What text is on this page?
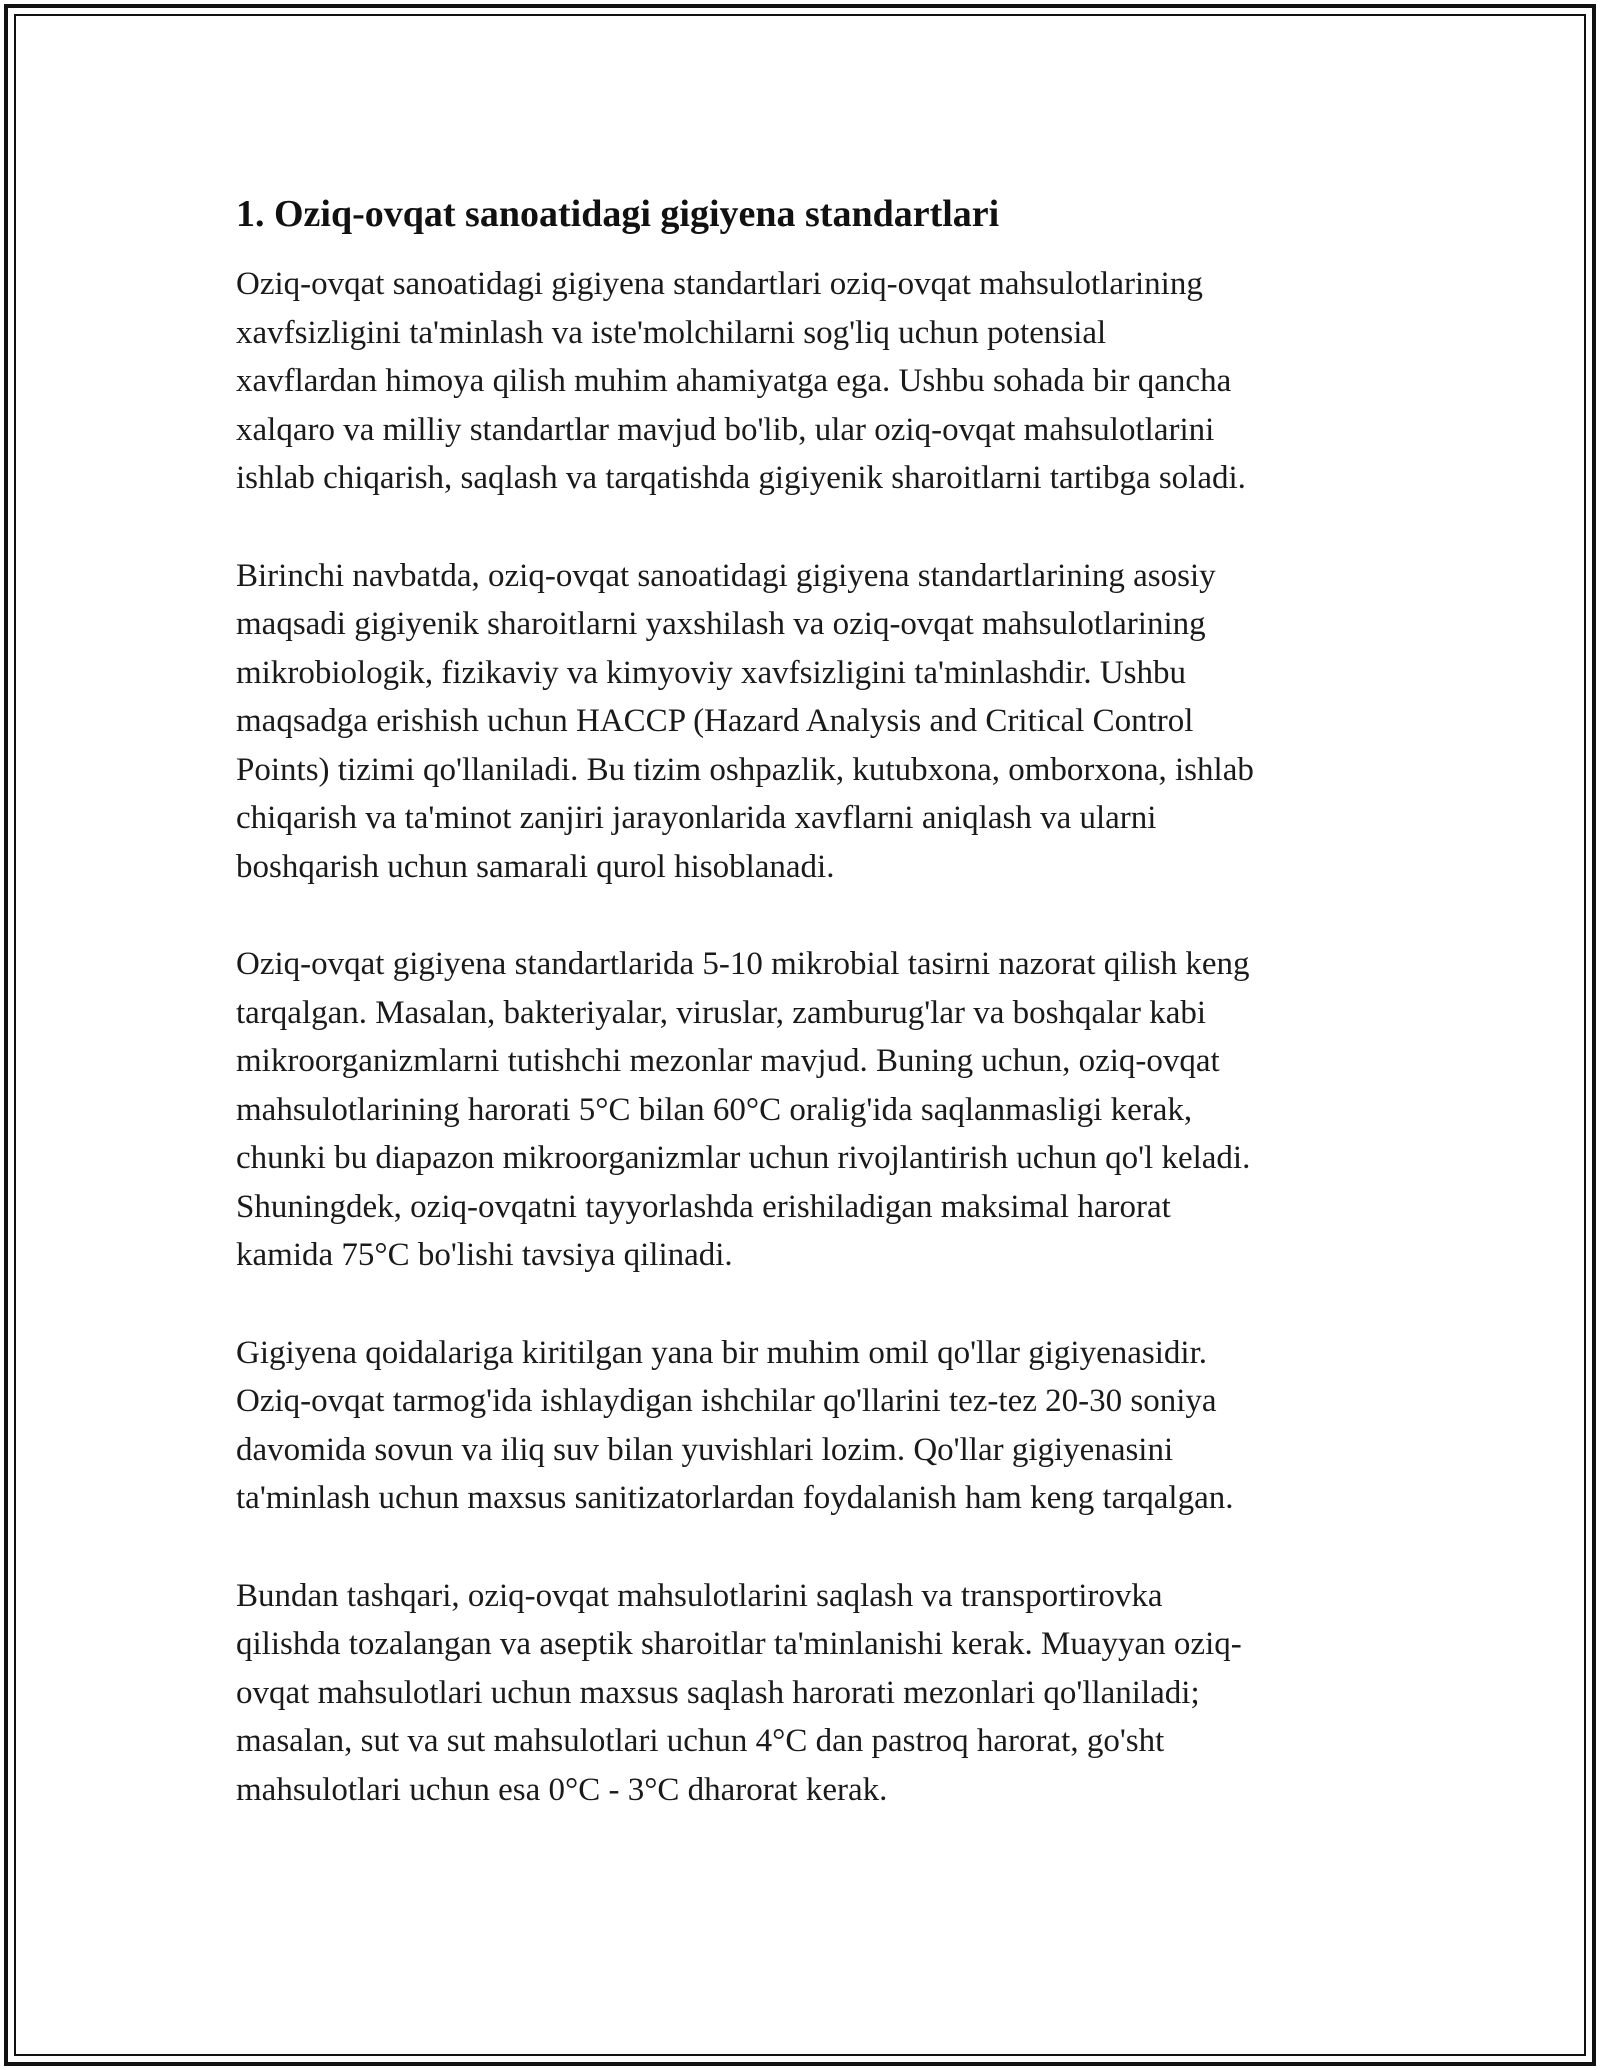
1. Oziq-ovqat sanoatidagi gigiyena standartlari

Oziq-ovqat sanoatidagi gigiyena standartlari oziq-ovqat mahsulotlarining
xavfsizligini ta'minlash va iste'molchilarni sog'liq uchun potensial
xavflardan himoya qilish muhim ahamiyatga ega. Ushbu sohada bir qancha
xalqaro va milliy standartlar mavjud bo'lib, ular oziq-ovqat mahsulotlarini
ishlab chiqarish, saqlash va tarqatishda gigiyenik sharoitlarni tartibga soladi.

Birinchi navbatda, oziq-ovqat sanoatidagi gigiyena standartlarining asosiy
maqsadi gigiyenik sharoitlarni yaxshilash va oziq-ovqat mahsulotlarining
mikrobiologik, fizikaviy va kimyoviy xavfsizligini ta'minlashdir. Ushbu
maqsadga erishish uchun HACCP (Hazard Analysis and Critical Control
Points) tizimi qo'llaniladi. Bu tizim oshpazlik, kutubxona, omborxona, ishlab
chiqarish va ta'minot zanjiri jarayonlarida xavflarni aniqlash va ularni
boshqarish uchun samarali qurol hisoblanadi.

Oziq-ovqat gigiyena standartlarida 5-10 mikrobial tasirni nazorat qilish keng
tarqalgan. Masalan, bakteriyalar, viruslar, zamburug'lar va boshqalar kabi
mikroorganizmlarni tutishchi mezonlar mavjud. Buning uchun, oziq-ovqat
mahsulotlarining harorati 5°C bilan 60°C oralig'ida saqlanmasligi kerak,
chunki bu diapazon mikroorganizmlar uchun rivojlantirish uchun qo'l keladi.
Shuningdek, oziq-ovqatni tayyorlashda erishiladigan maksimal harorat
kamida 75°C bo'lishi tavsiya qilinadi.

Gigiyena qoidalariga kiritilgan yana bir muhim omil qo'llar gigiyenasidir.
Oziq-ovqat tarmog'ida ishlaydigan ishchilar qo'llarini tez-tez 20-30 soniya
davomida sovun va iliq suv bilan yuvishlari lozim. Qo'llar gigiyenasini
ta'minlash uchun maxsus sanitizatorlardan foydalanish ham keng tarqalgan.

Bundan tashqari, oziq-ovqat mahsulotlarini saqlash va transportirovka
qilishda tozalangan va aseptik sharoitlar ta'minlanishi kerak. Muayyan oziq-
ovqat mahsulotlari uchun maxsus saqlash harorati mezonlari qo'llaniladi;
masalan, sut va sut mahsulotlari uchun 4°C dan pastroq harorat, go'sht
mahsulotlari uchun esa 0°C - 3°C dharorat kerak.
